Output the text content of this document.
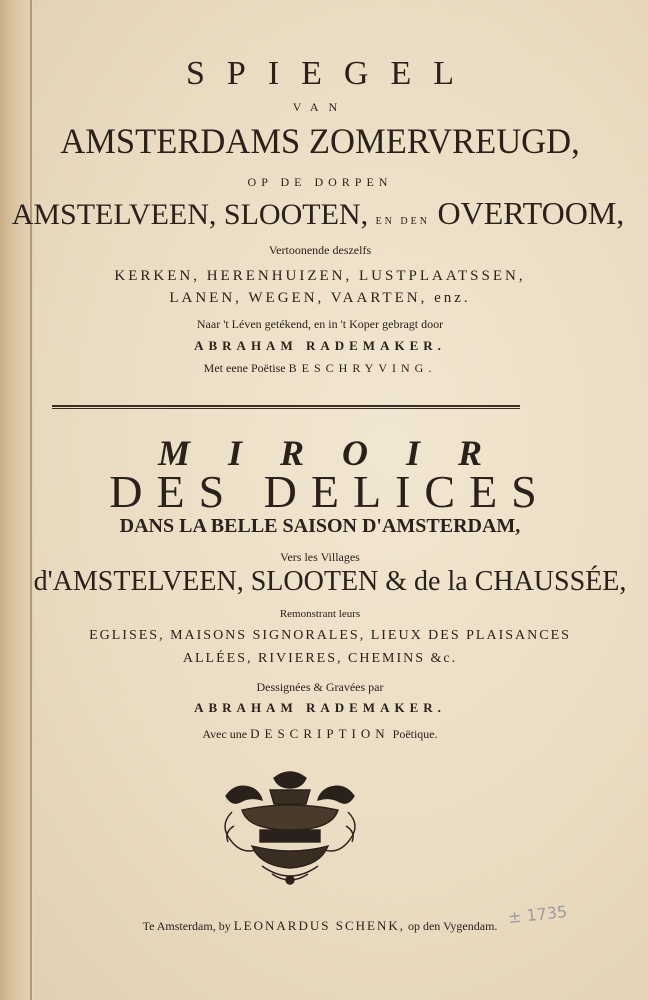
SPIEGEL
VAN
AMSTERDAMS ZOMERVREUGD,
OP DE DORPEN
AMSTELVEEN, SLOOTEN, EN DEN OVERTOOM,
Vertoonende deszelfs
KERKEN, HERENHUIZEN, LUSTPLAATSSEN,
LANEN, WEGEN, VAARTEN, enz.
Naar 't Léven getékend, en in 't Koper gebragt door
ABRAHAM RADEMAKER.
Met eene Poëtise BESCHRYVING.
MIROIR
DES DELICES
DANS LA BELLE SAISON D'AMSTERDAM,
Vers les Villages
d'AMSTELVEEN, SLOOTEN & de la CHAUSSÉE,
Remonstrant leurs
EGLISES, MAISONS SIGNORALES, LIEUX DES PLAISANCES
ALLÉES, RIVIERES, CHEMINS &c.
Dessignées & Gravées par
ABRAHAM RADEMAKER.
Avec une DESCRIPTION Poëtique.
Te Amsterdam, by LEONARDUS SCHENK, op den Vygendam. ± 1735
